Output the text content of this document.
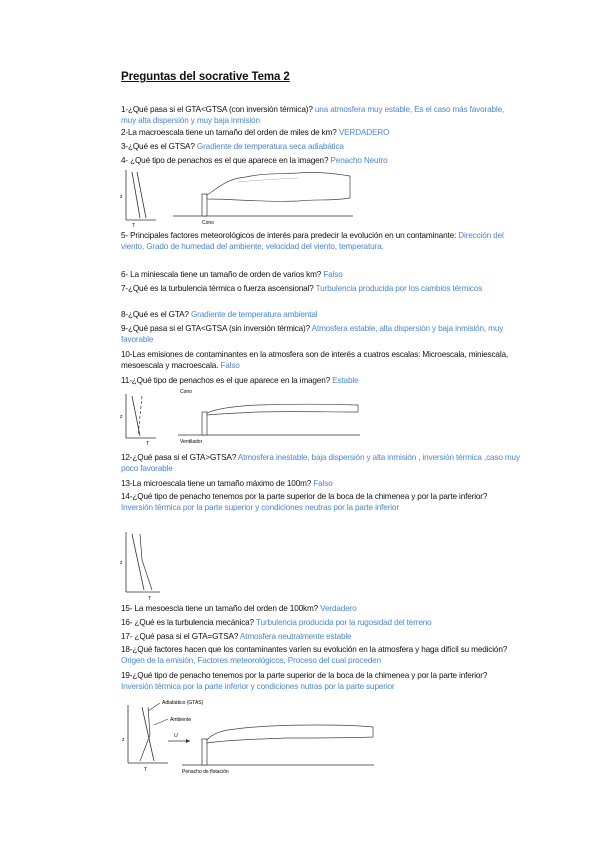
Preguntas del socrative Tema 2
1-¿Qué pasa si el GTA<GTSA (con inversión térmica)? una atmosfera muy estable, Es el caso más favorable, muy alta dispersión y muy baja inmisión
2-La macroescala tiene un tamaño del orden de miles de km? VERDADERO
3-¿Qué es el GTSA? Gradiente de temperatura seca adiabática
4- ¿Qué tipo de penachos es el que aparece en la imagen? Penacho Neutro
z
T	Cono
5- Principales factores meteorológicos de interés para predecir la evolución en un contaminante: Dirección del viento, Grado de humedad del ambiente, velocidad del viento, temperatura.
6- La miniescala tiene un tamaño de orden de varios km? Falso
7-¿Qué es la turbulencia térmica o fuerza ascensional? Turbulencia producida por los cambios térmicos
8-¿Qué es el GTA? Gradiente de temperatura ambiental
9-¿Qué pasa si el GTA<GTSA (sin inversión térmica)? Atmosfera estable, alta dispersión y baja inmisión, muy favorable
10-Las emisiones de contaminantes en la atmosfera son de interés a cuatros escalas: Microescala, miniescala, mesoescala y macroescala. Falso
11-¿Qué tipo de penachos es el que aparece en la imagen? Estable
Cono
z
T	Ventilador
12-¿Qué pasa si el GTA>GTSA? Atmosfera inestable, baja dispersión y alta inmisión , inversión térmica ,caso muy poco favorable
13-La microescala tiene un tamaño máximo de 100m? Falso
14-¿Qué tipo de penacho tenemos por la parte superior de la boca de la chimenea y por la parte inferior? Inversión térmica por la parte superior y condiciones neutras por la parte inferior
z
T
15- La mesoescla tiene un tamaño del orden de 100km? Verdadero
16- ¿Qué es la turbulencia mecánica? Turbulencia producida por la rugosidad del terreno
17- ¿Qué pasa si el GTA=GTSA? Atmosfera neutralmente estable
18-¿Qué factores hacen que los contaminantes varíen su evolución en la atmosfera y haga difícil su medición? Origen de la emisión, Factores meteorológicos, Proceso del cual proceden
19-¿Qué tipo de penacho tenemos por la parte superior de la boca de la chimenea y por la parte inferior? Inversión térmica por la parte inferior y condiciones nutras por la parte superior
Adiabático (GTAS)
Ambiente
z
T
U
Penacho de flotación
